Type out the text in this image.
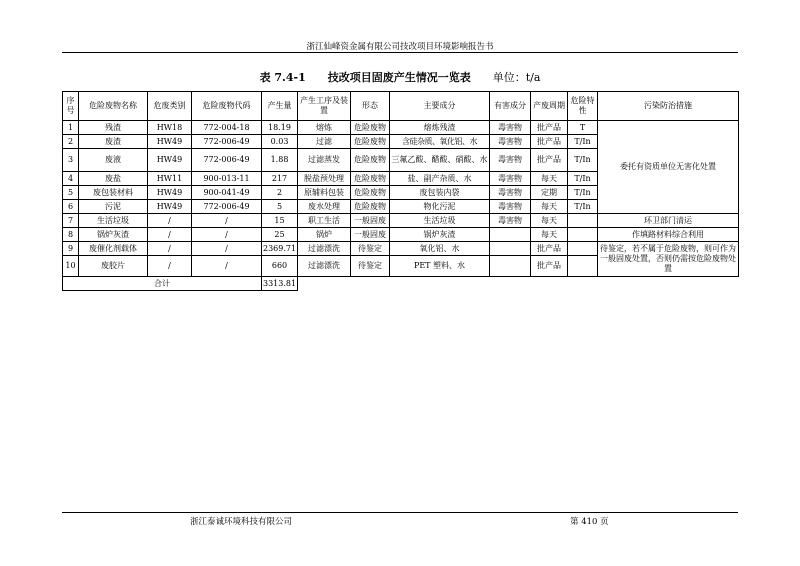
浙江仙峰资金属有限公司技改项目环境影响报告书
表 7.4-1　　技改项目固废产生情况一览表 单位：t/a
序号	危险废物名称	危废类别	危险废物代码	产生量	产生工序及装置	形态	主要成分	有害成分	产废周期	危险特性	污染防治措施
1	残渣	HW18	772-004-18	18.19	熔炼	危险废物	熔炼残渣	毒害物	批产品	T	委托有资质单位无害化处置
2	废渣	HW49	772-006-49	0.03	过滤	危险废物	含硅杂质、氧化铝、水	毒害物	批产品	T/In	
3	废液	HW49	772-006-49	1.88	过滤蒸发	危险废物	三氟乙酸、醋酸、硝酸、水	毒害物	批产品	T/In	
4	废盐	HW11	900-013-11	217	脱盐预处理	危险废物	盐、副产杂质、水	毒害物	每天	T/In	
5	废包装材料	HW49	900-041-49	2	原辅料包装	危险废物	废包装内袋	毒害物	定期	T/In	
6	污泥	HW49	772-006-49	5	废水处理	危险废物	物化污泥	毒害物	每天	T/In	
7	生活垃圾	/	/	15	职工生活	一般固废	生活垃圾	毒害物	每天		环卫部门清运
8	锅炉灰渣	/	/	25	锅炉	一般固废	锅炉灰渣		每天		作填路材料综合利用
9	废催化剂载体	/	/	2369.71	过滤漂洗	待鉴定	氧化铝、水		批产品		待鉴定，若不属于危险废物，则可作为一般固废处置，否则仍需按危险废物处置
10	废胶片	/	/	660	过滤漂洗	待鉴定	PET 塑料、水		批产品		
合计				3313.81							
浙江泰诚环境科技有限公司	第 410 页
